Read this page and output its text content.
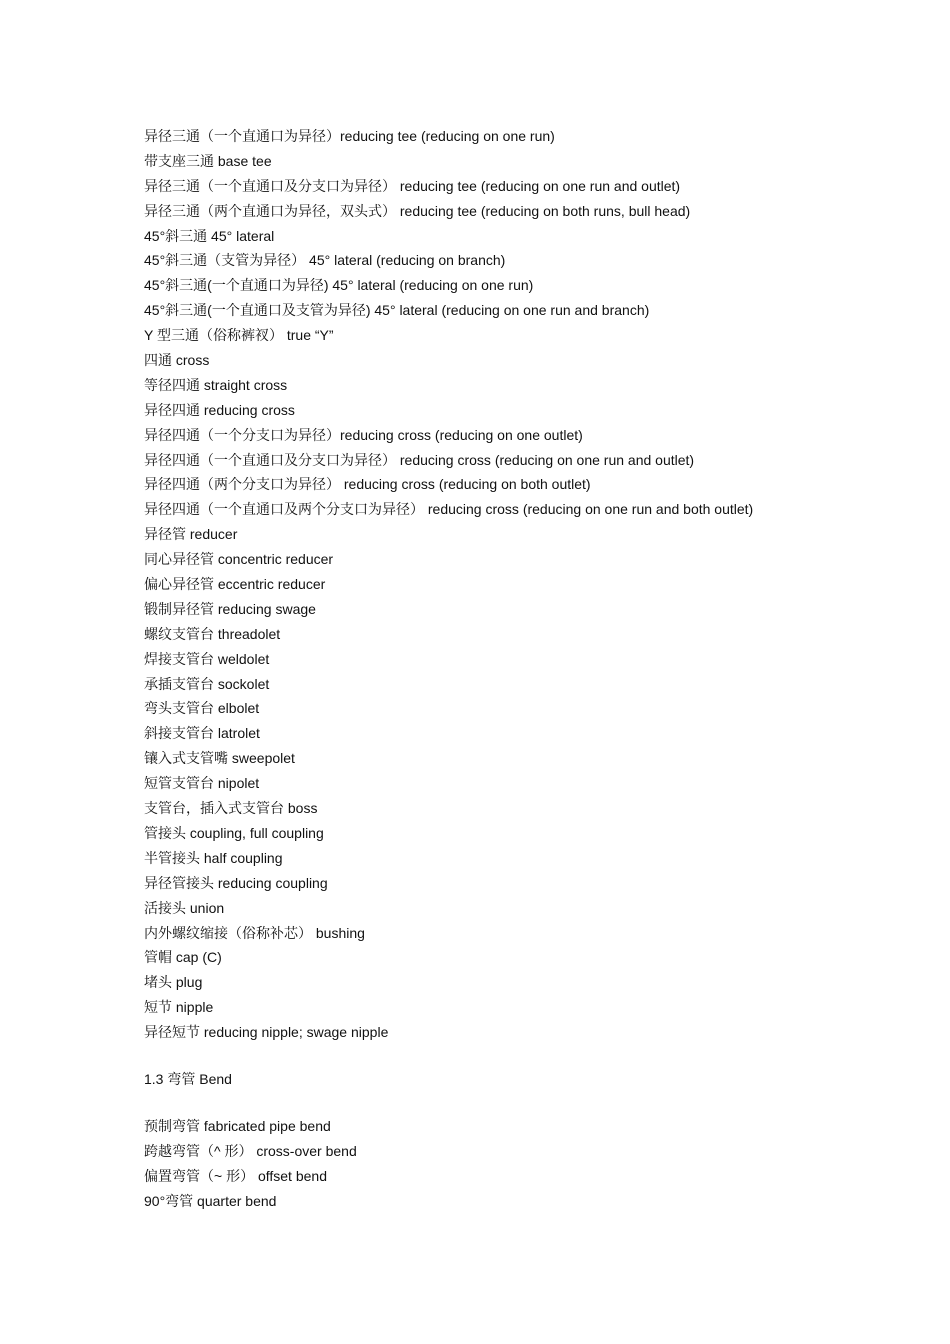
异径三通（一个直通口为异径）reducing tee (reducing on one run)
带支座三通 base tee
异径三通（一个直通口及分支口为异径） reducing tee (reducing on one run and outlet)
异径三通（两个直通口为异径，双头式） reducing tee (reducing on both runs, bull head)
45°斜三通 45° lateral
45°斜三通（支管为异径） 45° lateral (reducing on branch)
45°斜三通(一个直通口为异径) 45° lateral (reducing on one run)
45°斜三通(一个直通口及支管为异径) 45° lateral (reducing on one run and branch)
Y 型三通（俗称裤衩） true “Y”
四通 cross
等径四通 straight cross
异径四通 reducing cross
异径四通（一个分支口为异径）reducing cross (reducing on one outlet)
异径四通（一个直通口及分支口为异径） reducing cross (reducing on one run and outlet)
异径四通（两个分支口为异径） reducing cross (reducing on both outlet)
异径四通（一个直通口及两个分支口为异径） reducing cross (reducing on one run and both outlet)
异径管 reducer
同心异径管 concentric reducer
偏心异径管 eccentric reducer
锻制异径管 reducing swage
螺纹支管台 threadolet
焊接支管台 weldolet
承插支管台 sockolet
弯头支管台 elbolet
斜接支管台 latrolet
镶入式支管嘴 sweepolet
短管支管台 nipolet
支管台，插入式支管台 boss
管接头 coupling, full coupling
半管接头 half coupling
异径管接头 reducing coupling
活接头 union
内外螺纹缩接（俗称补芯） bushing
管帽 cap (C)
堵头 plug
短节 nipple
异径短节 reducing nipple; swage nipple
1.3 弯管 Bend
预制弯管 fabricated pipe bend
跨越弯管（^ 形） cross-over bend
偏置弯管（~ 形） offset bend
90°弯管 quarter bend
